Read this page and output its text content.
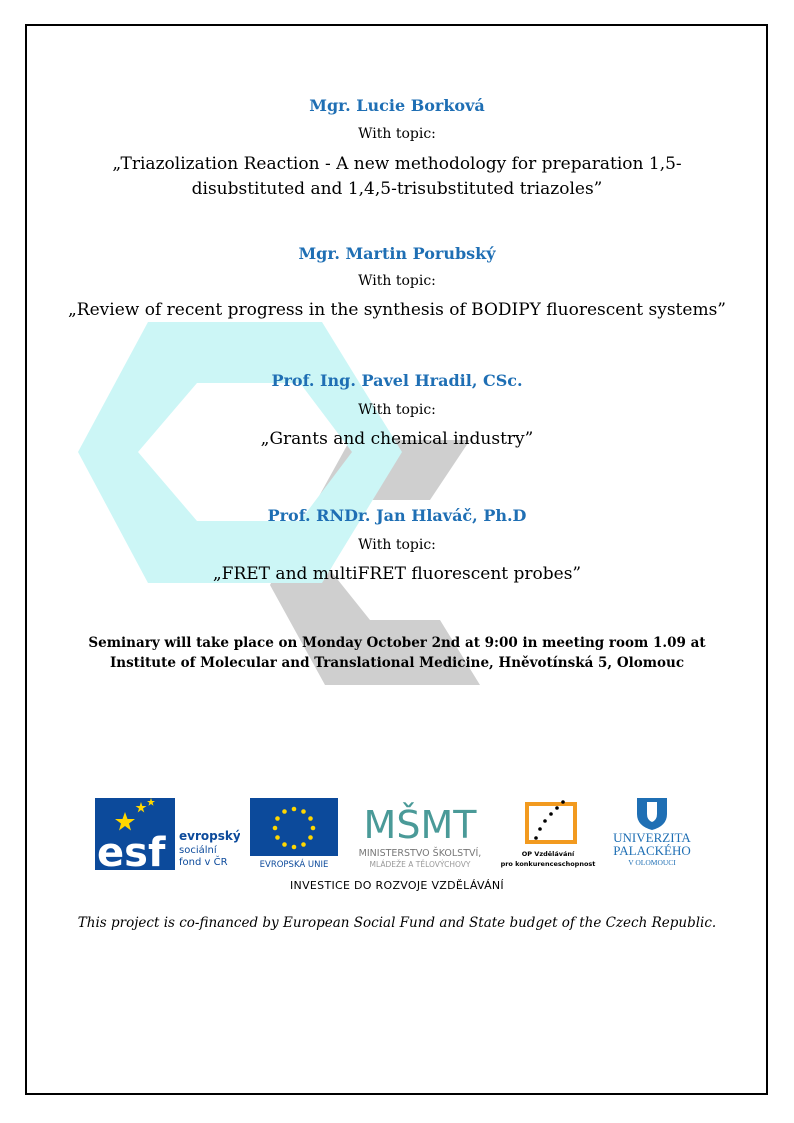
Mgr. Lucie Borková
With topic:
„Triazolization Reaction - A new methodology for preparation 1,5-
disubstituted and 1,4,5-trisubstituted triazoles”
Mgr. Martin Porubský
With topic:
„Review of recent progress in the synthesis of BODIPY fluorescent systems”
Prof. Ing. Pavel Hradil, CSc.
With topic:
„Grants and chemical industry”
Prof. RNDr. Jan Hlaváč, Ph.D
With topic:
„FRET and multiFRET fluorescent probes”
Seminary will take place on Monday October 2nd at 9:00 in meeting room 1.09 at
Institute of Molecular and Translational Medicine, Hněvotínská 5, Olomouc
esf evropský
sociální
fond v ČR	EVROPSKÁ UNIE
MŠMT
MINISTERSTVO ŠKOLSTVÍ,
MLÁDEŽE A TĚLOVÝCHOVY
OP Vzdělávání
pro konkurenceschopnost
UNIVERZITA
PALACKÉHO
V OLOMOUCI
INVESTICE DO ROZVOJE VZDĚLÁVÁNÍ
This project is co-financed by European Social Fund and State budget of the Czech Republic.
